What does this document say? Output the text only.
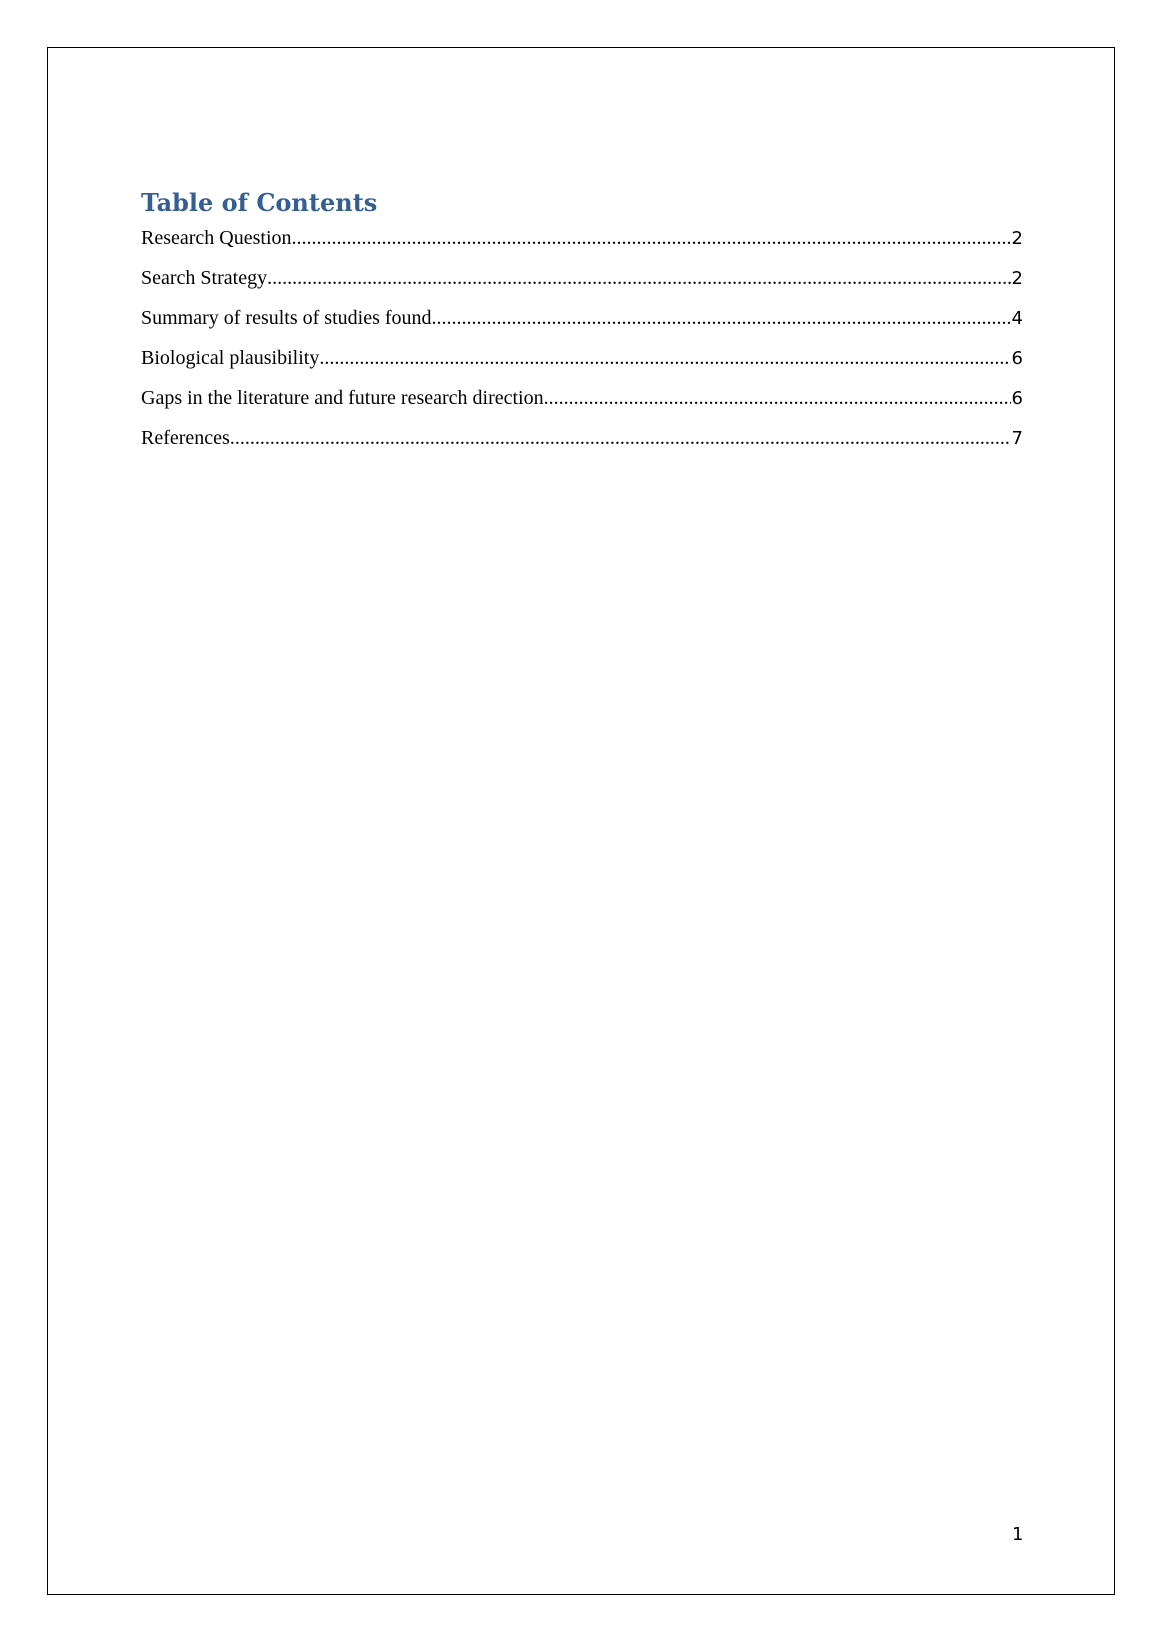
Table of Contents
Research Question .....	2
Search Strategy .....	2
Summary of results of studies found .....	4
Biological plausibility .....	6
Gaps in the literature and future research direction .....	6
References .....	7
1
